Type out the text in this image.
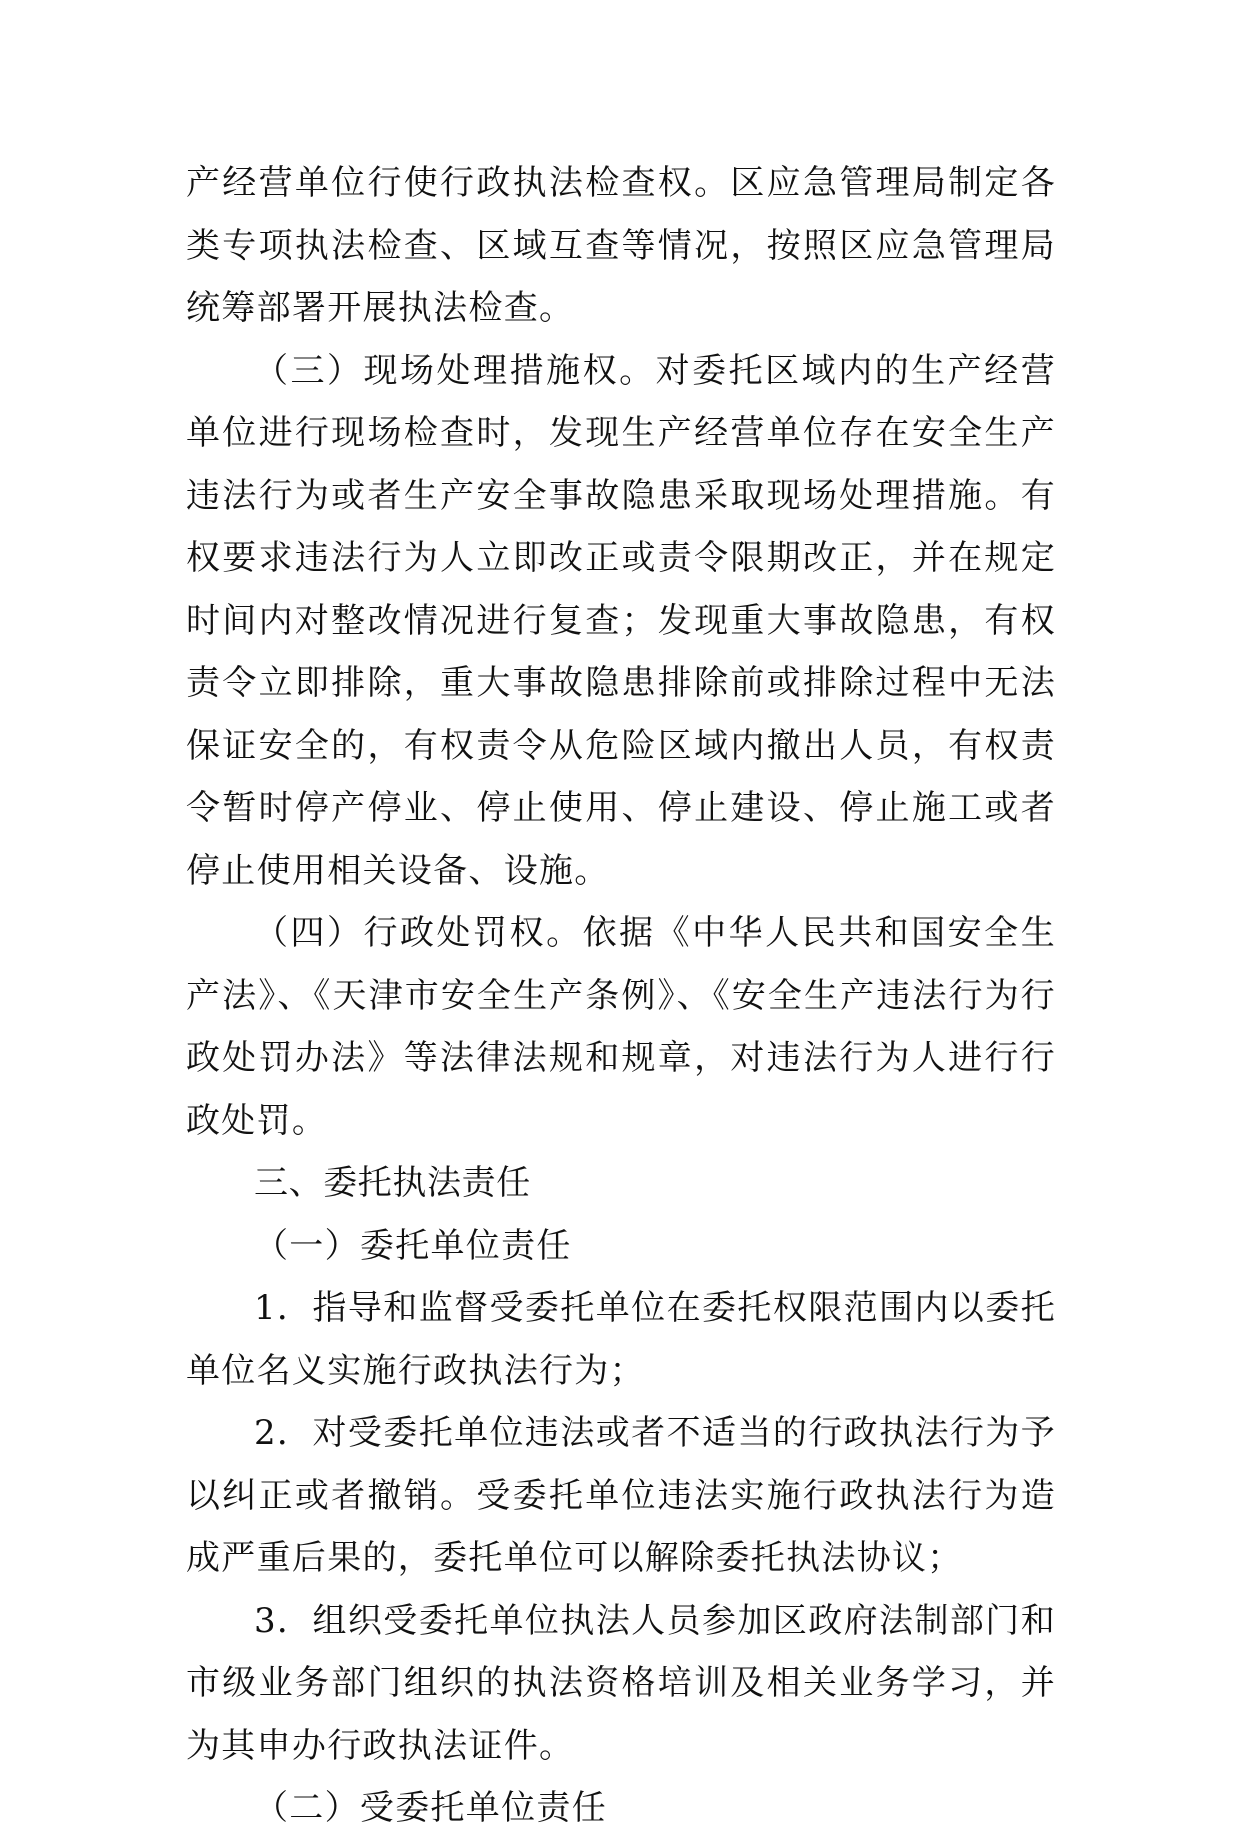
产经营单位行使行政执法检查权。区应急管理局制定各类专项执法检查、区域互查等情况，按照区应急管理局统筹部署开展执法检查。

（三）现场处理措施权。对委托区域内的生产经营单位进行现场检查时，发现生产经营单位存在安全生产违法行为或者生产安全事故隐患采取现场处理措施。有权要求违法行为人立即改正或责令限期改正，并在规定时间内对整改情况进行复查；发现重大事故隐患，有权责令立即排除，重大事故隐患排除前或排除过程中无法保证安全的，有权责令从危险区域内撤出人员，有权责令暂时停产停业、停止使用、停止建设、停止施工或者停止使用相关设备、设施。

（四）行政处罚权。依据《中华人民共和国安全生产法》、《天津市安全生产条例》、《安全生产违法行为行政处罚办法》等法律法规和规章，对违法行为人进行行政处罚。

三、委托执法责任

（一）委托单位责任

1．指导和监督受委托单位在委托权限范围内以委托单位名义实施行政执法行为；

2．对受委托单位违法或者不适当的行政执法行为予以纠正或者撤销。受委托单位违法实施行政执法行为造成严重后果的，委托单位可以解除委托执法协议；

3．组织受委托单位执法人员参加区政府法制部门和市级业务部门组织的执法资格培训及相关业务学习，并为其申办行政执法证件。

（二）受委托单位责任
